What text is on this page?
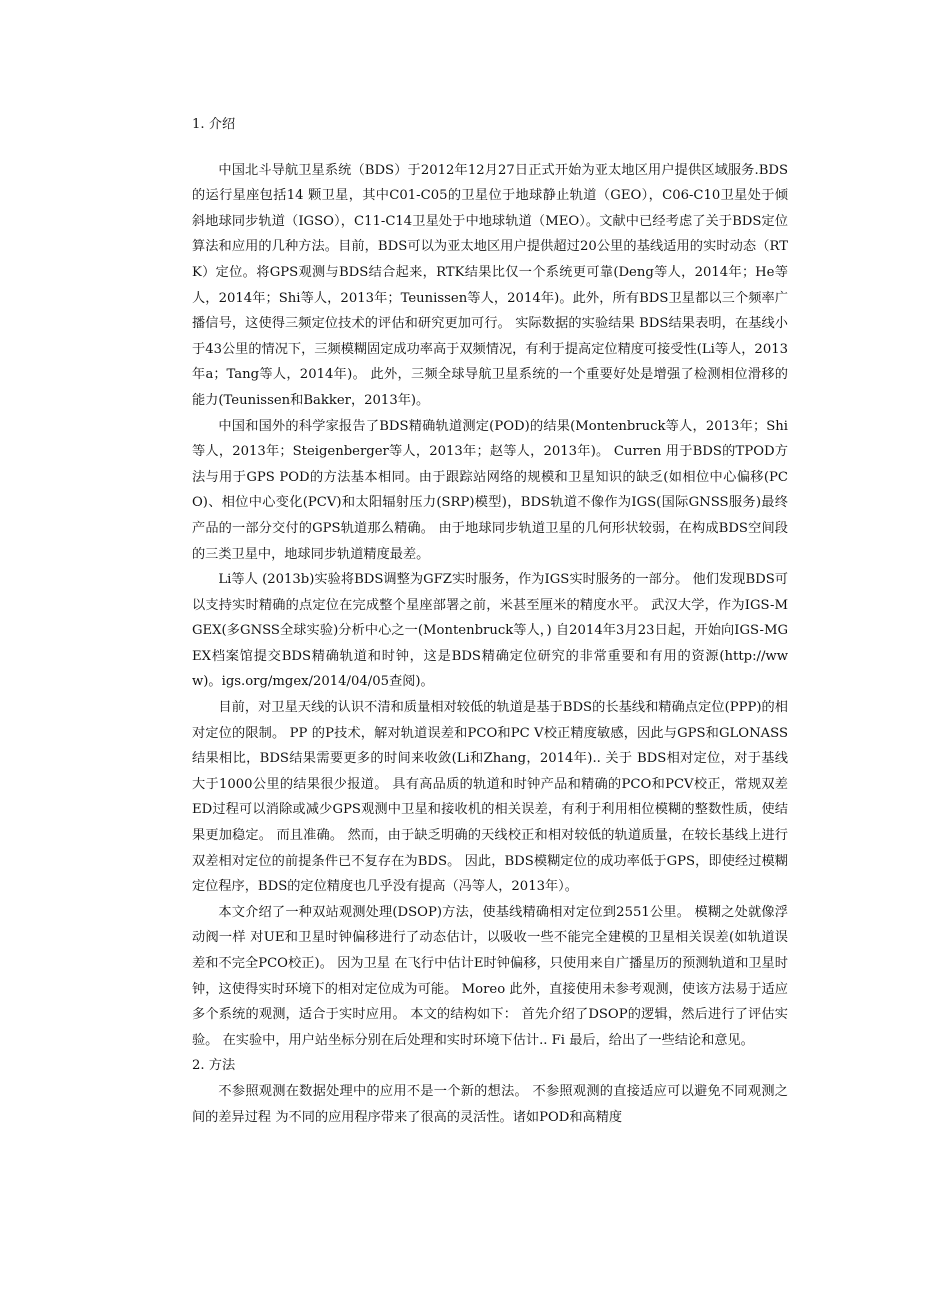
1. 介绍

中国北斗导航卫星系统（BDS）于2012年12月27日正式开始为亚太地区用户提供区域服务.BDS的运行星座包括14 颗卫星，其中C01-C05的卫星位于地球静止轨道（GEO），C06-C10卫星处于倾斜地球同步轨道（IGSO），C11-C14卫星处于中地球轨道（MEO）。文献中已经考虑了关于BDS定位算法和应用的几种方法。目前，BDS可以为亚太地区用户提供超过20公里的基线适用的实时动态（RTK）定位。将GPS观测与BDS结合起来，RTK结果比仅一个系统更可靠(Deng等人，2014年；He等人，2014年；Shi等人，2013年；Teunissen等人，2014年)。此外，所有BDS卫星都以三个频率广播信号，这使得三频定位技术的评估和研究更加可行。 实际数据的实验结果 BDS结果表明，在基线小于43公里的情况下，三频模糊固定成功率高于双频情况，有利于提高定位精度可接受性(Li等人，2013年a；Tang等人，2014年)。 此外，三频全球导航卫星系统的一个重要好处是增强了检测相位滑移的能力(Teunissen和Bakker，2013年)。

中国和国外的科学家报告了BDS精确轨道测定(POD)的结果(Montenbruck等人，2013年；Shi等人，2013年；Steigenberger等人，2013年；赵等人，2013年)。 Curren 用于BDS的TPOD方法与用于GPS POD的方法基本相同。由于跟踪站网络的规模和卫星知识的缺乏(如相位中心偏移(PCO)、相位中心变化(PCV)和太阳辐射压力(SRP)模型)，BDS轨道不像作为IGS(国际GNSS服务)最终产品的一部分交付的GPS轨道那么精确。 由于地球同步轨道卫星的几何形状较弱，在构成BDS空间段的三类卫星中，地球同步轨道精度最差。

Li等人 (2013b)实验将BDS调整为GFZ实时服务，作为IGS实时服务的一部分。 他们发现BDS可以支持实时精确的点定位在完成整个星座部署之前，米甚至厘米的精度水平。 武汉大学，作为IGS-MGEX(多GNSS全球实验)分析中心之一(Montenbruck等人，) 自2014年3月23日起，开始向IGS-MGEX档案馆提交BDS精确轨道和时钟，这是BDS精确定位研究的非常重要和有用的资源(http://www)。igs.org/mgex/2014/04/05查阅)。

目前，对卫星天线的认识不清和质量相对较低的轨道是基于BDS的长基线和精确点定位(PPP)的相对定位的限制。 PP 的P技术，解对轨道误差和PCO和PC V校正精度敏感，因此与GPS和GLONASS结果相比，BDS结果需要更多的时间来收敛(Li和Zhang，2014年).. 关于 BDS相对定位，对于基线大于1000公里的结果很少报道。 具有高品质的轨道和时钟产品和精确的PCO和PCV校正，常规双差 ED过程可以消除或减少GPS观测中卫星和接收机的相关误差，有利于利用相位模糊的整数性质，使结果更加稳定。 而且准确。 然而，由于缺乏明确的天线校正和相对较低的轨道质量，在较长基线上进行双差相对定位的前提条件已不复存在为BDS。 因此，BDS模糊定位的成功率低于GPS，即使经过模糊定位程序，BDS的定位精度也几乎没有提高（冯等人，2013年）。

本文介绍了一种双站观测处理(DSOP)方法，使基线精确相对定位到2551公里。 模糊之处就像浮动阀一样 对UE和卫星时钟偏移进行了动态估计，以吸收一些不能完全建模的卫星相关误差(如轨道误差和不完全PCO校正)。 因为卫星 在飞行中估计E时钟偏移，只使用来自广播星历的预测轨道和卫星时钟，这使得实时环境下的相对定位成为可能。 Moreo 此外，直接使用未参考观测，使该方法易于适应多个系统的观测，适合于实时应用。 本文的结构如下： 首先介绍了DSOP的逻辑，然后进行了评估实验。 在实验中，用户站坐标分别在后处理和实时环境下估计.. Fi 最后，给出了一些结论和意见。

2. 方法

不参照观测在数据处理中的应用不是一个新的想法。 不参照观测的直接适应可以避免不同观测之间的差异过程 为不同的应用程序带来了很高的灵活性。诸如POD和高精度
